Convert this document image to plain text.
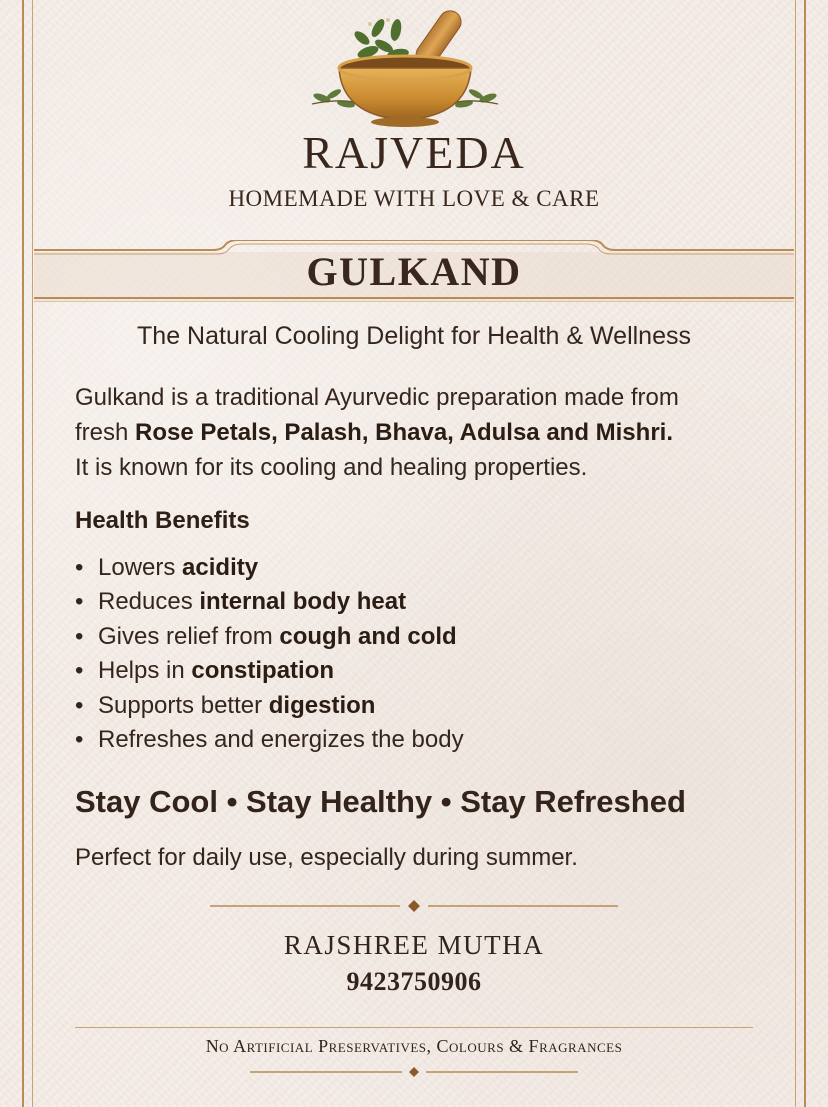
RAJVEDA
HOMEMADE WITH LOVE & CARE
GULKAND
The Natural Cooling Delight for Health & Wellness
Gulkand is a traditional Ayurvedic preparation made from
fresh Rose Petals, Palash, Bhava, Adulsa and Mishri.
It is known for its cooling and healing properties.
Health Benefits
• Lowers acidity
• Reduces internal body heat
• Gives relief from cough and cold
• Helps in constipation
• Supports better digestion
• Refreshes and energizes the body
Stay Cool • Stay Healthy • Stay Refreshed
Perfect for daily use, especially during summer.
RAJSHREE MUTHA
9423750906
No Artificial Preservatives, Colours & Fragrances
